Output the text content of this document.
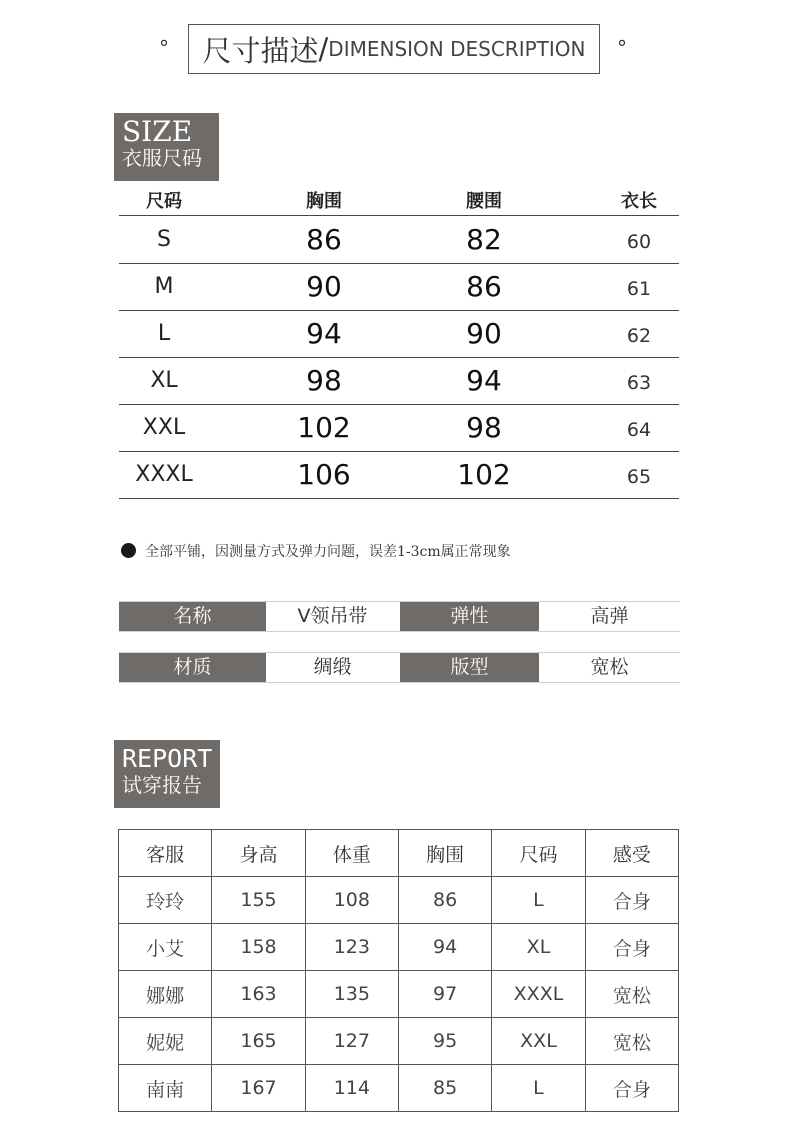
° 尺寸描述 / DIMENSION DESCRIPTION °
SIZE
衣服尺码
尺码	胸围	腰围	衣长
S	86	82	60
M	90	86	61
L	94	90	62
XL	98	94	63
XXL	102	98	64
XXXL	106	102	65
全部平铺，因测量方式及弹力问题，误差1-3cm属正常现象
名称	V领吊带	弹性	高弹
材质	绸缎	版型	宽松
REPORT
试穿报告
客服	身高	体重	胸围	尺码	感受
玲玲	155	108	86	L	合身
小艾	158	123	94	XL	合身
娜娜	163	135	97	XXXL	宽松
妮妮	165	127	95	XXL	宽松
南南	167	114	85	L	合身
